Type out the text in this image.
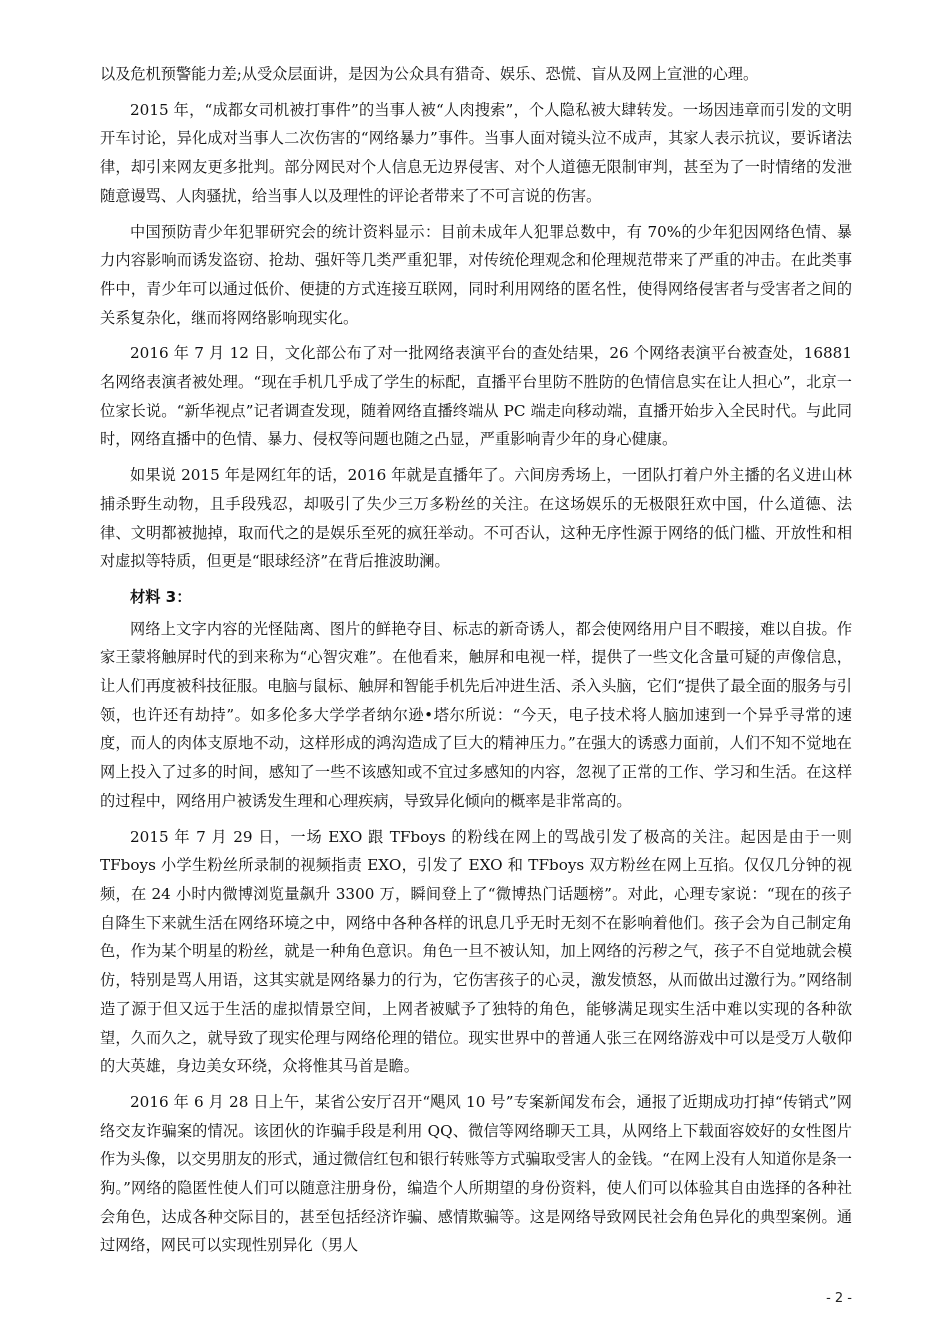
以及危机预警能力差;从受众层面讲，是因为公众具有猎奇、娱乐、恐慌、盲从及网上宣泄的心理。

2015 年，“成都女司机被打事件”的当事人被“人肉搜索”，个人隐私被大肆转发。一场因违章而引发的文明开车讨论，异化成对当事人二次伤害的“网络暴力”事件。当事人面对镜头泣不成声，其家人表示抗议，要诉诸法律，却引来网友更多批判。部分网民对个人信息无边界侵害、对个人道德无限制审判，甚至为了一时情绪的发泄随意谩骂、人肉骚扰，给当事人以及理性的评论者带来了不可言说的伤害。

中国预防青少年犯罪研究会的统计资料显示：目前未成年人犯罪总数中，有 70%的少年犯因网络色情、暴力内容影响而诱发盗窃、抢劫、强奸等几类严重犯罪，对传统伦理观念和伦理规范带来了严重的冲击。在此类事件中，青少年可以通过低价、便捷的方式连接互联网，同时利用网络的匿名性，使得网络侵害者与受害者之间的关系复杂化，继而将网络影响现实化。

2016 年 7 月 12 日，文化部公布了对一批网络表演平台的查处结果，26 个网络表演平台被查处，16881 名网络表演者被处理。“现在手机几乎成了学生的标配，直播平台里防不胜防的色情信息实在让人担心”，北京一位家长说。“新华视点”记者调查发现，随着网络直播终端从 PC 端走向移动端，直播开始步入全民时代。与此同时，网络直播中的色情、暴力、侵权等问题也随之凸显，严重影响青少年的身心健康。

如果说 2015 年是网红年的话，2016 年就是直播年了。六间房秀场上，一团队打着户外主播的名义进山林捕杀野生动物，且手段残忍，却吸引了失少三万多粉丝的关注。在这场娱乐的无极限狂欢中国，什么道德、法律、文明都被抛掉，取而代之的是娱乐至死的疯狂举动。不可否认，这种无序性源于网络的低门槛、开放性和相对虚拟等特质，但更是“眼球经济”在背后推波助澜。

材料 3：

网络上文字内容的光怪陆离、图片的鲜艳夺目、标志的新奇诱人，都会使网络用户目不暇接，难以自拔。作家王蒙将触屏时代的到来称为“心智灾难”。在他看来，触屏和电视一样，提供了一些文化含量可疑的声像信息，让人们再度被科技征服。电脑与鼠标、触屏和智能手机先后冲进生活、杀入头脑，它们“提供了最全面的服务与引领，也许还有劫持”。如多伦多大学学者纳尔逊•塔尔所说：“今天，电子技术将人脑加速到一个异乎寻常的速度，而人的肉体支原地不动，这样形成的鸿沟造成了巨大的精神压力。”在强大的诱惑力面前，人们不知不觉地在网上投入了过多的时间，感知了一些不该感知或不宜过多感知的内容，忽视了正常的工作、学习和生活。在这样的过程中，网络用户被诱发生理和心理疾病，导致异化倾向的概率是非常高的。

2015 年 7 月 29 日，一场 EXO 跟 TFboys 的粉线在网上的骂战引发了极高的关注。起因是由于一则 TFboys 小学生粉丝所录制的视频指责 EXO，引发了 EXO 和 TFboys 双方粉丝在网上互掐。仅仅几分钟的视频，在 24 小时内微博浏览量飙升 3300 万，瞬间登上了“微博热门话题榜”。对此，心理专家说：“现在的孩子自降生下来就生活在网络环境之中，网络中各种各样的讯息几乎无时无刻不在影响着他们。孩子会为自己制定角色，作为某个明星的粉丝，就是一种角色意识。角色一旦不被认知，加上网络的污秽之气，孩子不自觉地就会模仿，特别是骂人用语，这其实就是网络暴力的行为，它伤害孩子的心灵，激发愤怒，从而做出过激行为。”网络制造了源于但又远于生活的虚拟情景空间，上网者被赋予了独特的角色，能够满足现实生活中难以实现的各种欲望，久而久之，就导致了现实伦理与网络伦理的错位。现实世界中的普通人张三在网络游戏中可以是受万人敬仰的大英雄，身边美女环绕，众将惟其马首是瞻。

2016 年 6 月 28 日上午，某省公安厅召开“飓风 10 号”专案新闻发布会，通报了近期成功打掉“传销式”网络交友诈骗案的情况。该团伙的诈骗手段是利用 QQ、微信等网络聊天工具，从网络上下载面容姣好的女性图片作为头像，以交男朋友的形式，通过微信红包和银行转账等方式骗取受害人的金钱。“在网上没有人知道你是条一狗。”网络的隐匿性使人们可以随意注册身份，编造个人所期望的身份资料，使人们可以体验其自由选择的各种社会角色，达成各种交际目的，甚至包括经济诈骗、感情欺骗等。这是网络导致网民社会角色异化的典型案例。通过网络，网民可以实现性别异化（男人

- 2 -
